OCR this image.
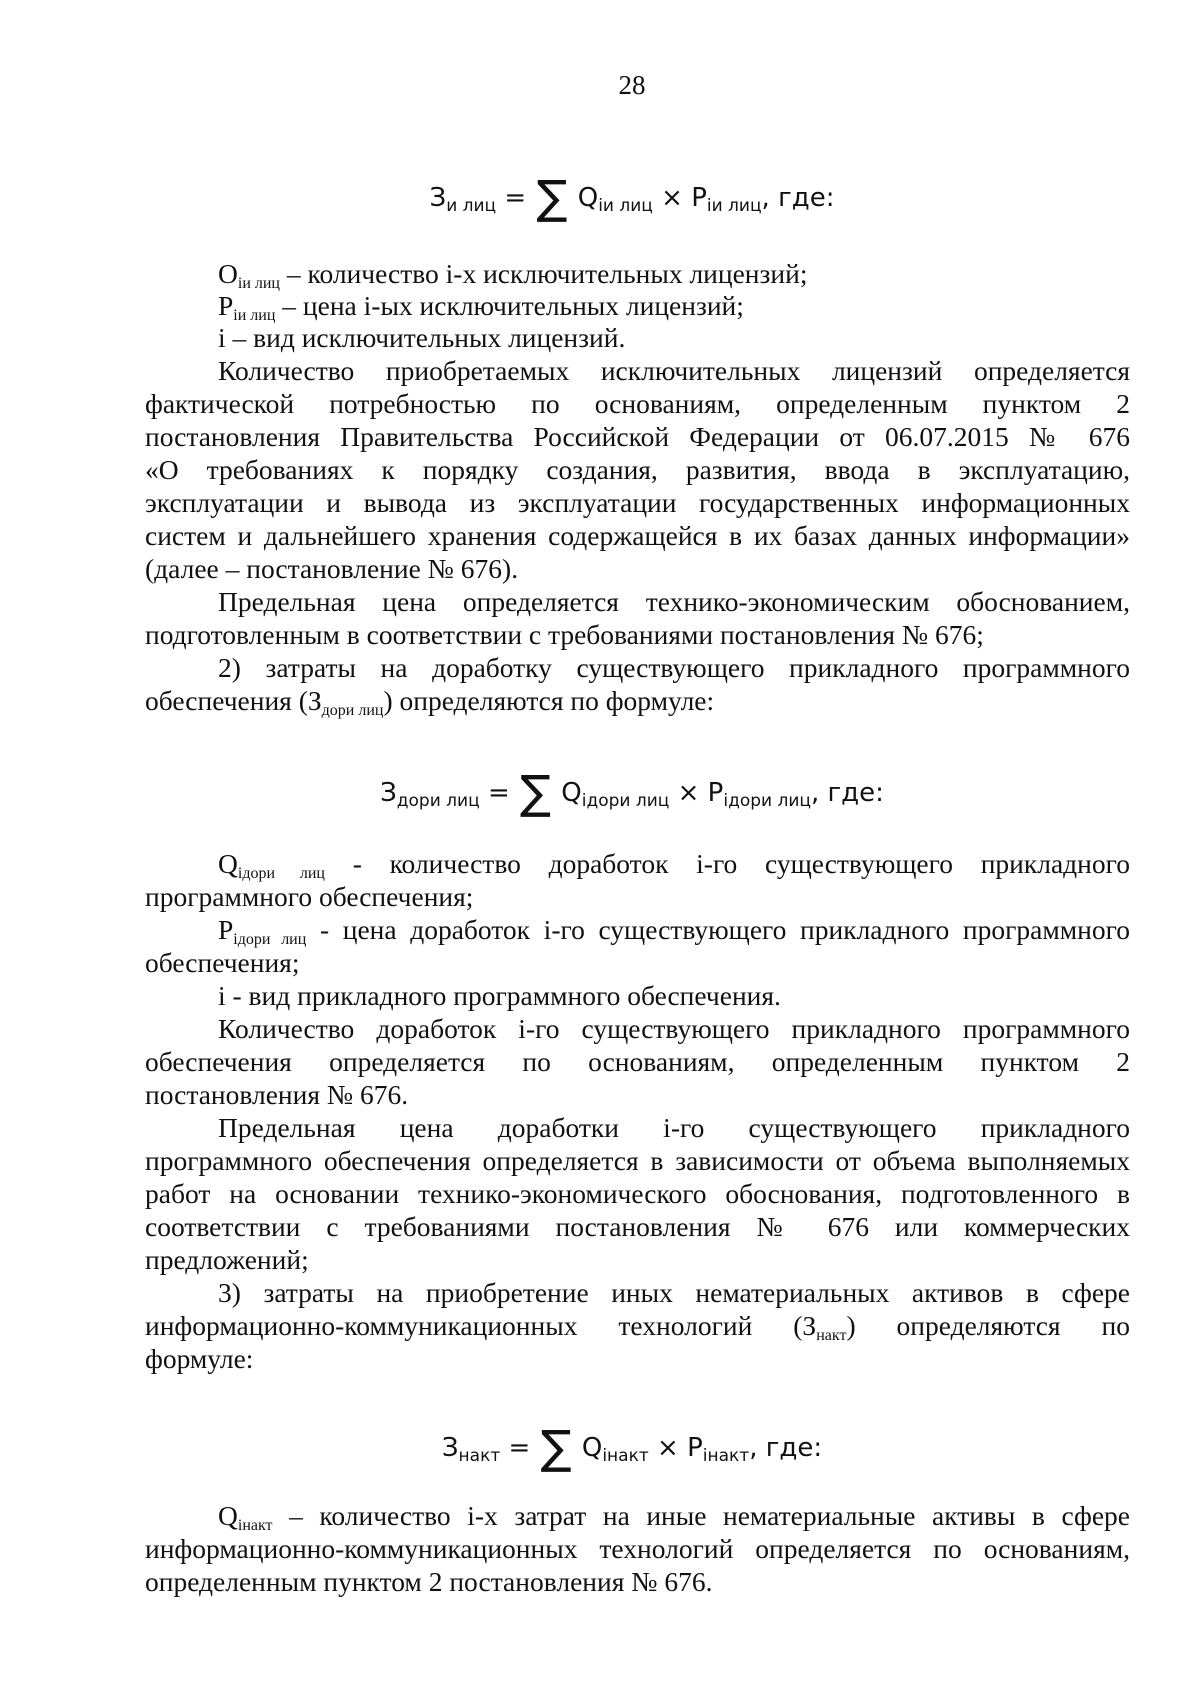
28
$З_{и лиц}$ = ∑ $Q_{iи лиц} \times P_{iи лиц}$, где:
$O_{iи лиц}$ – количество i-х исключительных лицензий;
$P_{iи лиц}$ – цена i-ых исключительных лицензий;
i – вид исключительных лицензий.
Количество приобретаемых исключительных лицензий определяется
фактической потребностью по основаниям, определенным пунктом 2
постановления Правительства Российской Федерации от 06.07.2015 № 676
«О требованиях к порядку создания, развития, ввода в эксплуатацию,
эксплуатации и вывода из эксплуатации государственных информационных
систем и дальнейшего хранения содержащейся в их базах данных информации»
(далее – постановление № 676).
Предельная цена определяется технико-экономическим обоснованием,
подготовленным в соответствии с требованиями постановления № 676;
2) затраты на доработку существующего прикладного программного
обеспечения $(З_{дори лиц})$ определяются по формуле:
$З_{дори лиц}$ = ∑ $Q_{iдори лиц} \times P_{iдори лиц}$, где:
$Q_{iдори лиц}$ - количество доработок i-го существующего прикладного
программного обеспечения;
$P_{iдори лиц}$ - цена доработок i-го существующего прикладного программного
обеспечения;
i - вид прикладного программного обеспечения.
Количество доработок i-го существующего прикладного программного
обеспечения определяется по основаниям, определенным пунктом 2
постановления № 676.
Предельная цена доработки i-го существующего прикладного
программного обеспечения определяется в зависимости от объема выполняемых
работ на основании технико-экономического обоснования, подготовленного в
соответствии с требованиями постановления № 676 или коммерческих
предложений;
3) затраты на приобретение иных нематериальных активов в сфере
информационно-коммуникационных технологий $(З_{накт})$ определяются по
формуле:
$З_{накт}$ = ∑ $Q_{iнакт} \times P_{iнакт}$, где:
$Q_{iнакт}$ – количество i-х затрат на иные нематериальные активы в сфере
информационно-коммуникационных технологий определяется по основаниям,
определенным пунктом 2 постановления № 676.
